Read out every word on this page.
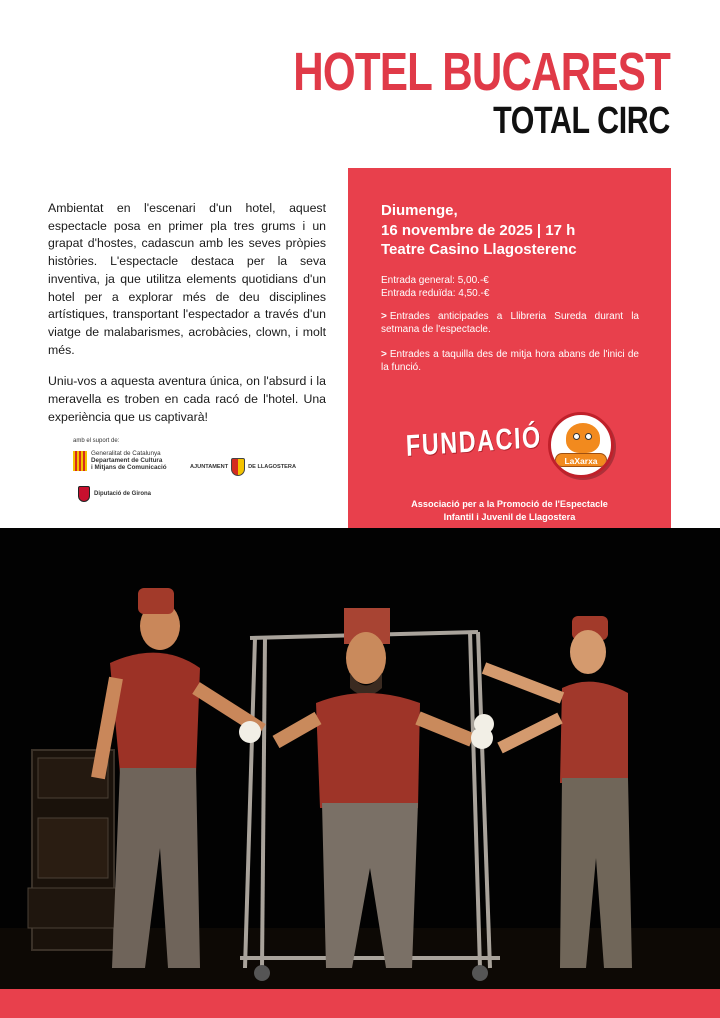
HOTEL BUCAREST
TOTAL CIRC

Ambientat en l'escenari d'un hotel, aquest espectacle posa en primer pla tres grums i un grapat d'hostes, cadascun amb les seves pròpies històries. L'espectacle destaca per la seva inventiva, ja que utilitza elements quotidians d'un hotel per a explorar més de deu disciplines artístiques, transportant l'espectador a través d'un viatge de malabarismes, acrobàcies, clown, i molt més.

Uniu-vos a aquesta aventura única, on l'absurd i la meravella es troben en cada racó de l'hotel. Una experiència que us captivarà!

amb el suport de:
Generalitat de Catalunya
Departament de Cultura
i Mitjans de Comunicació	AJUNTAMENT	DE LLAGOSTERA
Diputació de Girona
Diumenge,
16 novembre de 2025 | 17 h
Teatre Casino Llagosterenc
Entrada general: 5,00.-€
Entrada reduïda: 4,50.-€
> Entrades anticipades a Llibreria Sureda durant la setmana de l'espectacle.
> Entrades a taquilla des de mitja hora abans de l'inici de la funció.
FUNDACIÓ	LaXarxa
Associació per a la Promoció de l'Espectacle
Infantil i Juvenil de Llagostera
